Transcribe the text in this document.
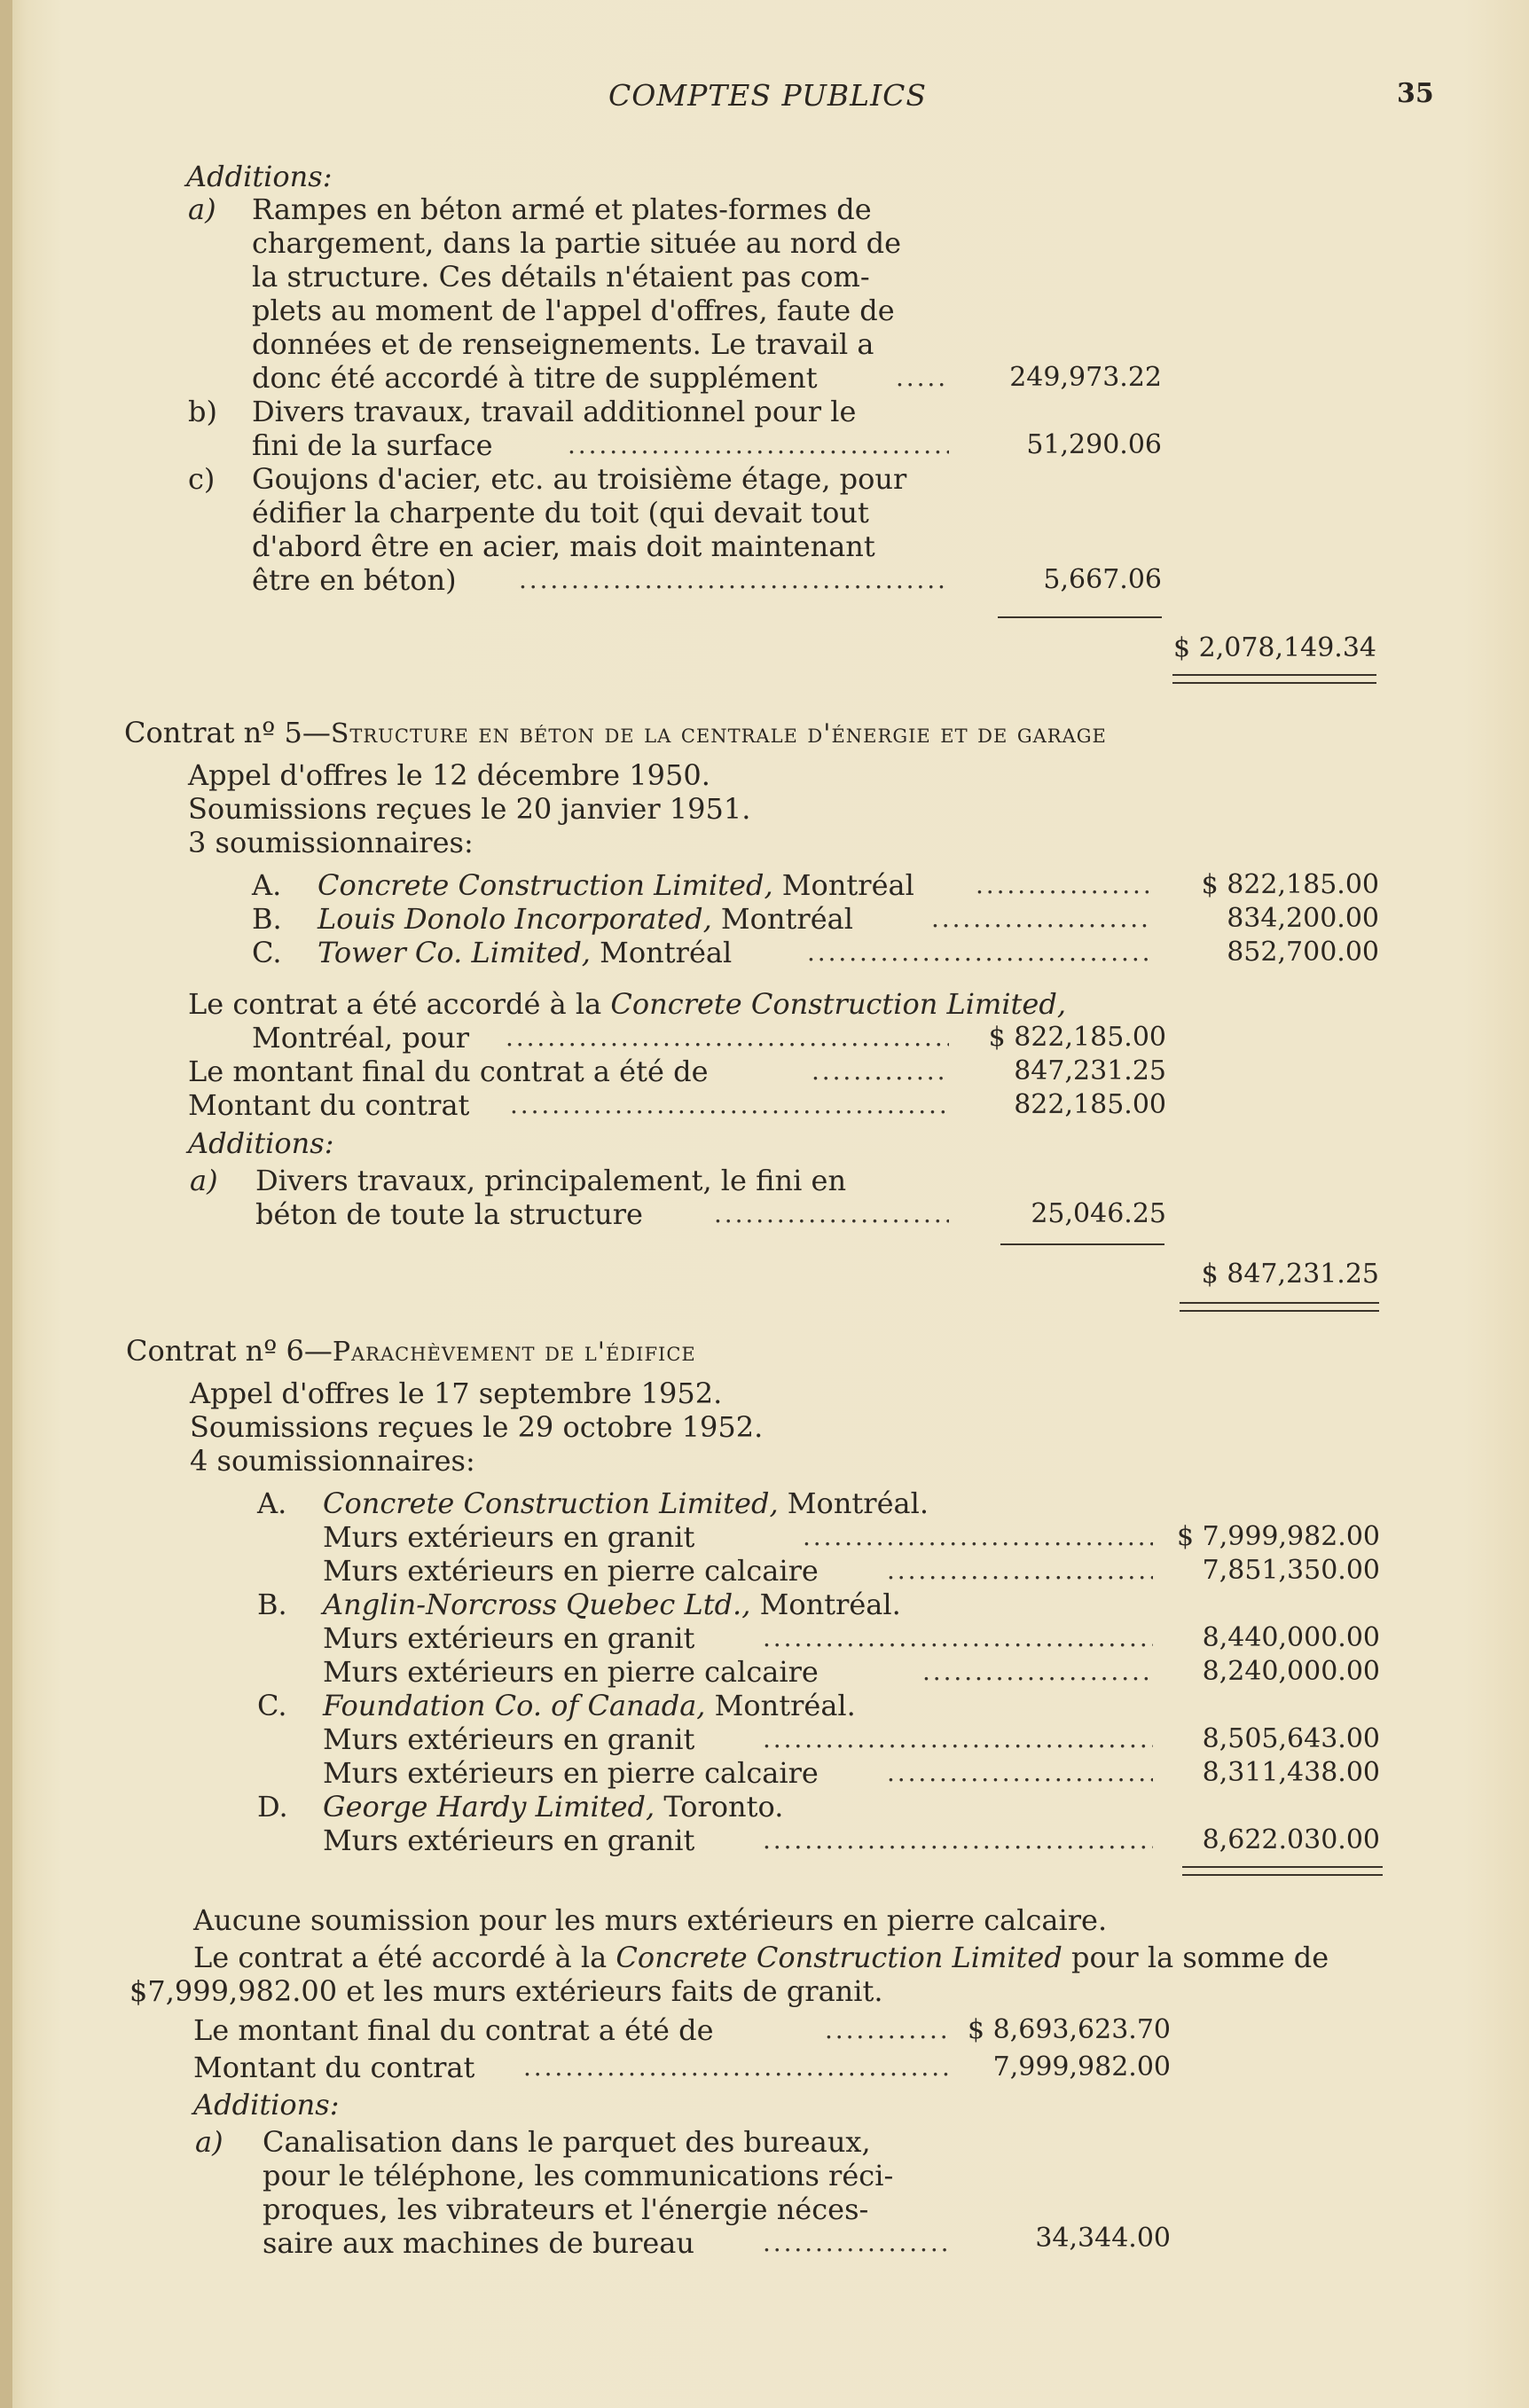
COMPTES PUBLICS	35
Additions:
a) Rampes en béton armé et plates-formes de
chargement, dans la partie située au nord de
la structure. Ces détails n'étaient pas com-
plets au moment de l'appel d'offres, faute de
données et de renseignements. Le travail a
donc été accordé à titre de supplément . . .	249,973.22
b) Divers travaux, travail additionnel pour le
fini de la surface . . .	51,290.06
c) Goujons d'acier, etc. au troisième étage, pour
édifier la charpente du toit (qui devait tout
d'abord être en acier, mais doit maintenant
être en béton) . . .	5,667.06
$ 2,078,149.34
Contrat nº 5—Structure en béton de la centrale d'énergie et de garage
Appel d'offres le 12 décembre 1950.
Soumissions reçues le 20 janvier 1951.
3 soumissionnaires:
A. Concrete Construction Limited, Montréal . . .	$ 822,185.00
B. Louis Donolo Incorporated, Montréal . . .	834,200.00
C. Tower Co. Limited, Montréal . . .	852,700.00
Le contrat a été accordé à la Concrete Construction Limited,
Montréal, pour . . .	$ 822,185.00
Le montant final du contrat a été de . . .	847,231.25
Montant du contrat . . .	822,185.00
Additions:
a) Divers travaux, principalement, le fini en
béton de toute la structure . . .	25,046.25
$ 847,231.25
Contrat nº 6—Parachèvement de l'édifice
Appel d'offres le 17 septembre 1952.
Soumissions reçues le 29 octobre 1952.
4 soumissionnaires:
A. Concrete Construction Limited, Montréal.
Murs extérieurs en granit . . .	$ 7,999,982.00
Murs extérieurs en pierre calcaire . . .	7,851,350.00
B. Anglin-Norcross Quebec Ltd., Montréal.
Murs extérieurs en granit . . .	8,440,000.00
Murs extérieurs en pierre calcaire . . .	8,240,000.00
C. Foundation Co. of Canada, Montréal.
Murs extérieurs en granit . . .	8,505,643.00
Murs extérieurs en pierre calcaire . . .	8,311,438.00
D. George Hardy Limited, Toronto.
Murs extérieurs en granit . . .	8,622.030.00
Aucune soumission pour les murs extérieurs en pierre calcaire.
Le contrat a été accordé à la Concrete Construction Limited pour la somme de
$7,999,982.00 et les murs extérieurs faits de granit.
Le montant final du contrat a été de . . .	$ 8,693,623.70
Montant du contrat . . .	7,999,982.00
Additions:
a) Canalisation dans le parquet des bureaux,
pour le téléphone, les communications réci-
proques, les vibrateurs et l'énergie néces-
saire aux machines de bureau . . .	34,344.00
